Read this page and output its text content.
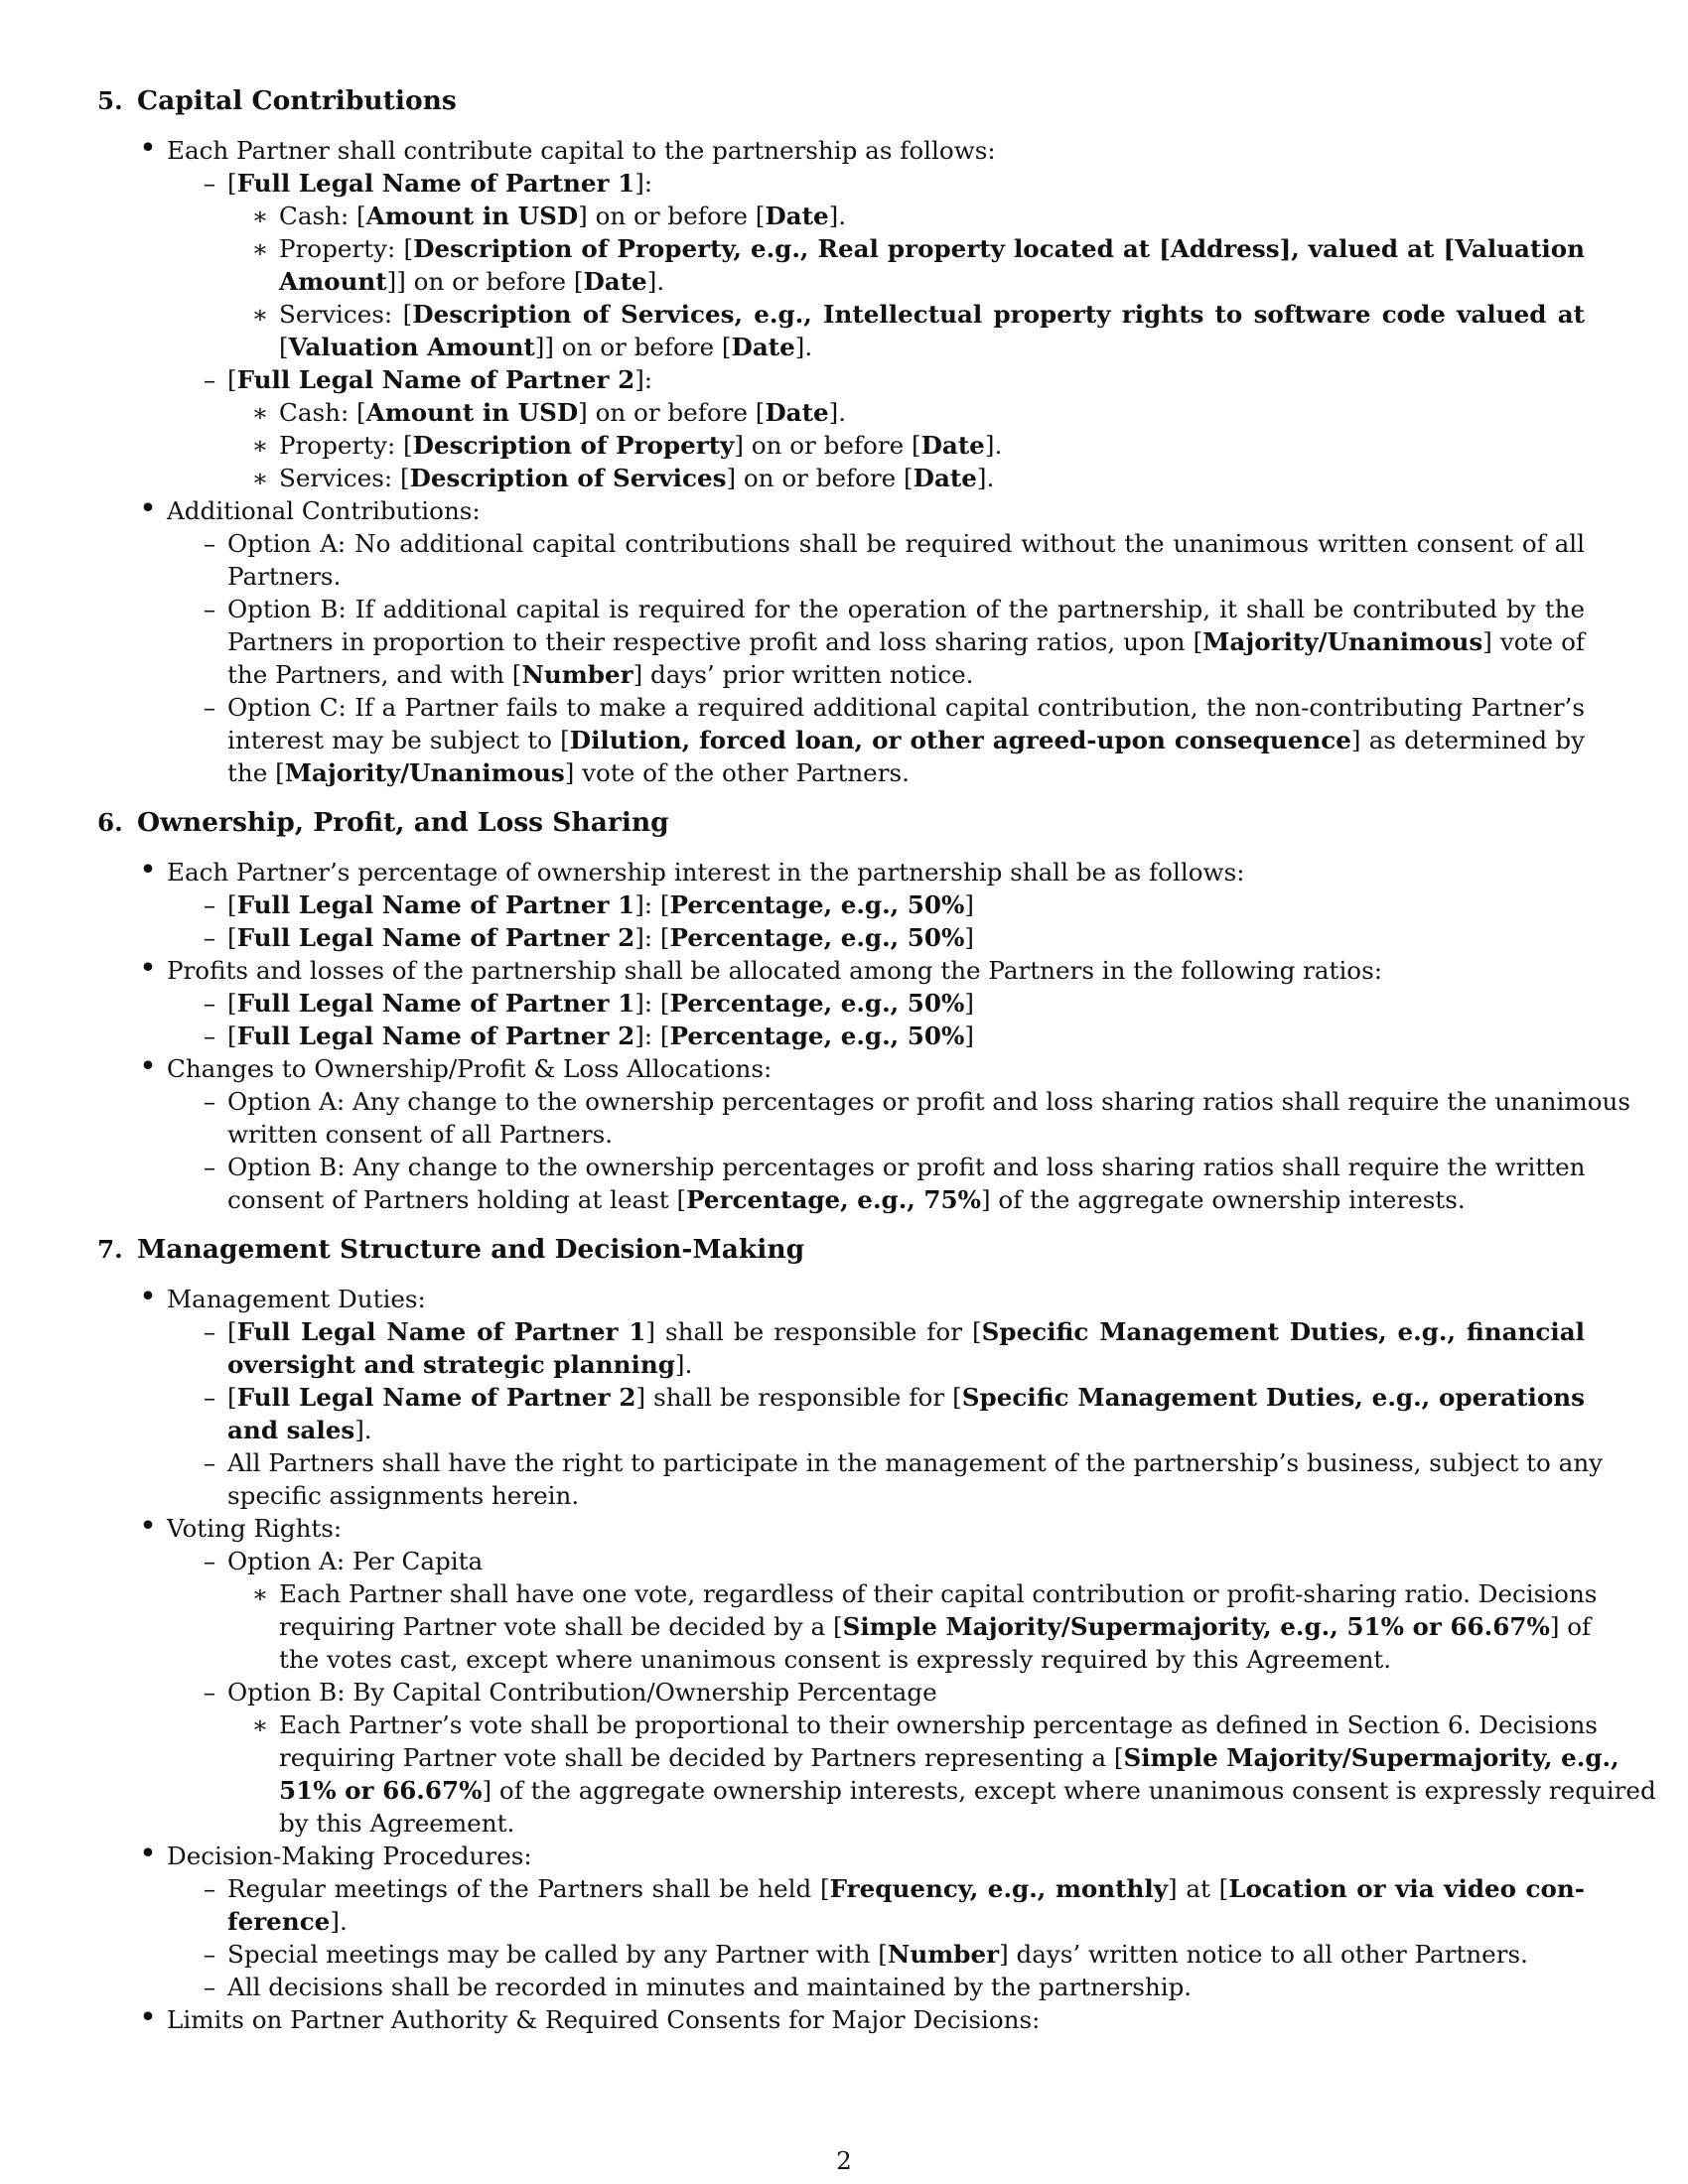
2
5. Capital Contributions
• Each Partner shall contribute capital to the partnership as follows:
– [Full Legal Name of Partner 1]:
∗ Cash: [Amount in USD] on or before [Date].
∗ Property: [Description of Property, e.g., Real property located at [Address], valued at [Valuation
Amount]] on or before [Date].
∗ Services: [Description of Services, e.g., Intellectual property rights to software code valued at
[Valuation Amount]] on or before [Date].
– [Full Legal Name of Partner 2]:
∗ Cash: [Amount in USD] on or before [Date].
∗ Property: [Description of Property] on or before [Date].
∗ Services: [Description of Services] on or before [Date].
• Additional Contributions:
– Option A: No additional capital contributions shall be required without the unanimous written consent of all
Partners.
– Option B: If additional capital is required for the operation of the partnership, it shall be contributed by the
Partners in proportion to their respective profit and loss sharing ratios, upon [Majority/Unanimous] vote of
the Partners, and with [Number] days’ prior written notice.
– Option C: If a Partner fails to make a required additional capital contribution, the non-contributing Partner’s
interest may be subject to [Dilution, forced loan, or other agreed-upon consequence] as determined by
the [Majority/Unanimous] vote of the other Partners.
6. Ownership, Profit, and Loss Sharing
• Each Partner’s percentage of ownership interest in the partnership shall be as follows:
– [Full Legal Name of Partner 1]: [Percentage, e.g., 50%]
– [Full Legal Name of Partner 2]: [Percentage, e.g., 50%]
• Profits and losses of the partnership shall be allocated among the Partners in the following ratios:
– [Full Legal Name of Partner 1]: [Percentage, e.g., 50%]
– [Full Legal Name of Partner 2]: [Percentage, e.g., 50%]
• Changes to Ownership/Profit & Loss Allocations:
– Option A: Any change to the ownership percentages or profit and loss sharing ratios shall require the unanimous
written consent of all Partners.
– Option B: Any change to the ownership percentages or profit and loss sharing ratios shall require the written
consent of Partners holding at least [Percentage, e.g., 75%] of the aggregate ownership interests.
7. Management Structure and Decision-Making
• Management Duties:
– [Full Legal Name of Partner 1] shall be responsible for [Specific Management Duties, e.g., financial
oversight and strategic planning].
– [Full Legal Name of Partner 2] shall be responsible for [Specific Management Duties, e.g., operations
and sales].
– All Partners shall have the right to participate in the management of the partnership’s business, subject to any
specific assignments herein.
• Voting Rights:
– Option A: Per Capita
∗ Each Partner shall have one vote, regardless of their capital contribution or profit-sharing ratio. Decisions
requiring Partner vote shall be decided by a [Simple Majority/Supermajority, e.g., 51% or 66.67%] of
the votes cast, except where unanimous consent is expressly required by this Agreement.
– Option B: By Capital Contribution/Ownership Percentage
∗ Each Partner’s vote shall be proportional to their ownership percentage as defined in Section 6. Decisions
requiring Partner vote shall be decided by Partners representing a [Simple Majority/Supermajority, e.g.,
51% or 66.67%] of the aggregate ownership interests, except where unanimous consent is expressly required
by this Agreement.
• Decision-Making Procedures:
– Regular meetings of the Partners shall be held [Frequency, e.g., monthly] at [Location or via video con-
ference].
– Special meetings may be called by any Partner with [Number] days’ written notice to all other Partners.
– All decisions shall be recorded in minutes and maintained by the partnership.
• Limits on Partner Authority & Required Consents for Major Decisions:
